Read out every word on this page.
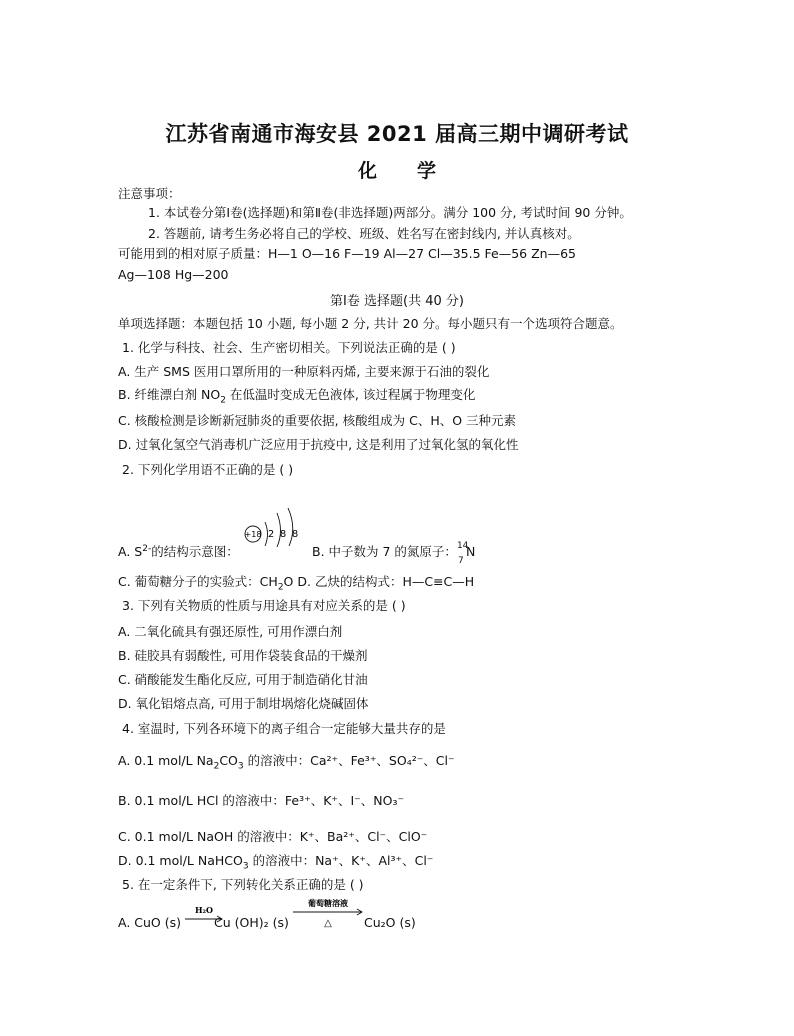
江苏省南通市海安县 2021 届高三期中调研考试
化 学
注意事项：
1. 本试卷分第Ⅰ卷(选择题)和第Ⅱ卷(非选择题)两部分。满分 100 分, 考试时间 90 分钟。
2. 答题前, 请考生务必将自己的学校、班级、姓名写在密封线内, 并认真核对。
可能用到的相对原子质量：H—1 O—16 F—19 Al—27 Cl—35.5 Fe—56 Zn—65
Ag—108 Hg—200
第Ⅰ卷 选择题(共 40 分)
单项选择题：本题包括 10 小题, 每小题 2 分, 共计 20 分。每小题只有一个选项符合题意。
1. 化学与科技、社会、生产密切相关。下列说法正确的是 ( )
A. 生产 SMS 医用口罩所用的一种原料丙烯, 主要来源于石油的裂化
B. 纤维漂白剂 $NO_2$ 在低温时变成无色液体, 该过程属于物理变化
C. 核酸检测是诊断新冠肺炎的重要依据, 核酸组成为 C、H、O 三种元素
D. 过氧化氢空气消毒机广泛应用于抗疫中, 这是利用了过氧化氢的氧化性
2. 下列化学用语不正确的是 ( )
A. $S^{2-}$的结构示意图：
+18 2 8 8
B. 中子数为 7 的氮原子： 14
7
N
C. 葡萄糖分子的实验式：$CH_2O$ D. 乙炔的结构式：H—C≡C—H
3. 下列有关物质的性质与用途具有对应关系的是 ( )
A. 二氧化硫具有强还原性, 可用作漂白剂
B. 硅胶具有弱酸性, 可用作袋装食品的干燥剂
C. 硝酸能发生酯化反应, 可用于制造硝化甘油
D. 氧化铝熔点高, 可用于制坩埚熔化烧碱固体
4. 室温时, 下列各环境下的离子组合一定能够大量共存的是
A. 0.1 mol/L $Na_2CO_3$ 的溶液中：Ca²⁺、Fe³⁺、SO₄²⁻、Cl⁻
B. 0.1 mol/L HCl 的溶液中：Fe³⁺、K⁺、I⁻、NO₃⁻
C. 0.1 mol/L NaOH 的溶液中：K⁺、Ba²⁺、Cl⁻、ClO⁻
D. 0.1 mol/L NaHCO$_3$ 的溶液中：Na⁺、K⁺、Al³⁺、Cl⁻
5. 在一定条件下, 下列转化关系正确的是 ( )
A. CuO (s)
H₂O
Cu (OH)₂ (s)
葡萄糖溶液
△	Cu₂O (s)
